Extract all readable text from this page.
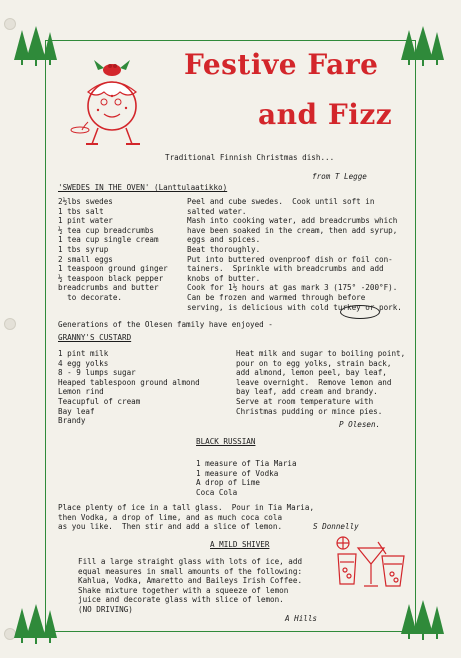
Festive Fare
and Fizz
Traditional Finnish Christmas dish...
from T Legge
'SWEDES IN THE OVEN' (Lanttulaatikko)
2½lbs swedes
1 tbs salt
1 pint water
½ tea cup breadcrumbs
1 tea cup single cream
1 tbs syrup
2 small eggs
1 teaspoon ground ginger
½ teaspoon black pepper
breadcrumbs and butter
to decorate.
Peel and cube swedes.  Cook until soft in
salted water.
Mash into cooking water, add breadcrumbs which
have been soaked in the cream, then add syrup,
eggs and spices.
Beat thoroughly.
Put into buttered ovenproof dish or foil con-
tainers.  Sprinkle with breadcrumbs and add
knobs of butter.
Cook for 1½ hours at gas mark 3 (175° -200°F).
Can be frozen and warmed through before
serving, is delicious with cold turkey or pork.
Generations of the Olesen family have enjoyed -
GRANNY'S CUSTARD
1 pint milk
4 egg yolks
8 - 9 lumps sugar
Heaped tablespoon ground almond
Lemon rind
Teacupful of cream
Bay leaf
Brandy
Heat milk and sugar to boiling point,
pour on to egg yolks, strain back,
add almond, lemon peel, bay leaf,
leave overnight.  Remove lemon and
bay leaf, add cream and brandy.
Serve at room temperature with
Christmas pudding or mince pies.
P Olesen.
BLACK RUSSIAN
1 measure of Tia Maria
1 measure of Vodka
A drop of Lime
Coca Cola
Place plenty of ice in a tall glass.  Pour in Tia Maria,
then Vodka, a drop of lime, and as much coca cola
as you like.  Then stir and add a slice of lemon.	S Donnelly
A MILD SHIVER
Fill a large straight glass with lots of ice, add
equal measures in small amounts of the following:
Kahlua, Vodka, Amaretto and Baileys Irish Coffee.
Shake mixture together with a squeeze of lemon
juice and decorate glass with slice of lemon.
(NO DRIVING)
A Hills
